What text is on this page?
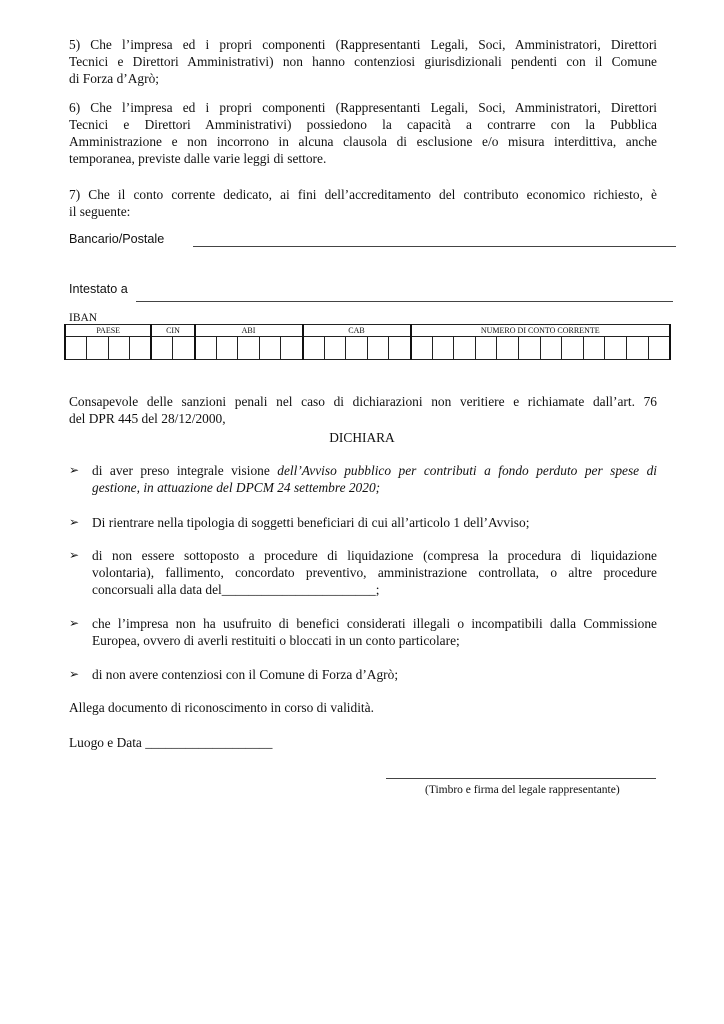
5) Che l’impresa ed i propri componenti (Rappresentanti Legali, Soci, Amministratori, Direttori
Tecnici e Direttori Amministrativi) non hanno contenziosi giurisdizionali pendenti con il Comune
di Forza d’Agrò;
6) Che l’impresa ed i propri componenti (Rappresentanti Legali, Soci, Amministratori, Direttori
Tecnici e Direttori Amministrativi) possiedono la capacità a contrarre con la Pubblica
Amministrazione e non incorrono in alcuna clausola di esclusione e/o misura interdittiva, anche
temporanea, previste dalle varie leggi di settore.
7) Che il conto corrente dedicato, ai fini dell’accreditamento del contributo economico richiesto, è
il seguente:
Bancario/Postale
Intestato a
IBAN
PAESE				CIN		ABI					CAB					NUMERO DI CONTO CORRENTE											

Consapevole delle sanzioni penali nel caso di dichiarazioni non veritiere e richiamate dall’art. 76
del DPR 445 del 28/12/2000,
DICHIARA
➢ di aver preso integrale visione dell’Avviso pubblico per contributi a fondo perduto per spese di
gestione, in attuazione del DPCM 24 settembre 2020;
➢ Di rientrare nella tipologia di soggetti beneficiari di cui all’articolo 1 dell’Avviso;
➢ di non essere sottoposto a procedure di liquidazione (compresa la procedura di liquidazione
volontaria), fallimento, concordato preventivo, amministrazione controllata, o altre procedure
concorsuali alla data del_______________________;
➢ che l’impresa non ha usufruito di benefici considerati illegali o incompatibili dalla Commissione
Europea, ovvero di averli restituiti o bloccati in un conto particolare;
➢ di non avere contenziosi con il Comune di Forza d’Agrò;
Allega documento di riconoscimento in corso di validità.
Luogo e Data ___________________
(Timbro e firma del legale rappresentante)
